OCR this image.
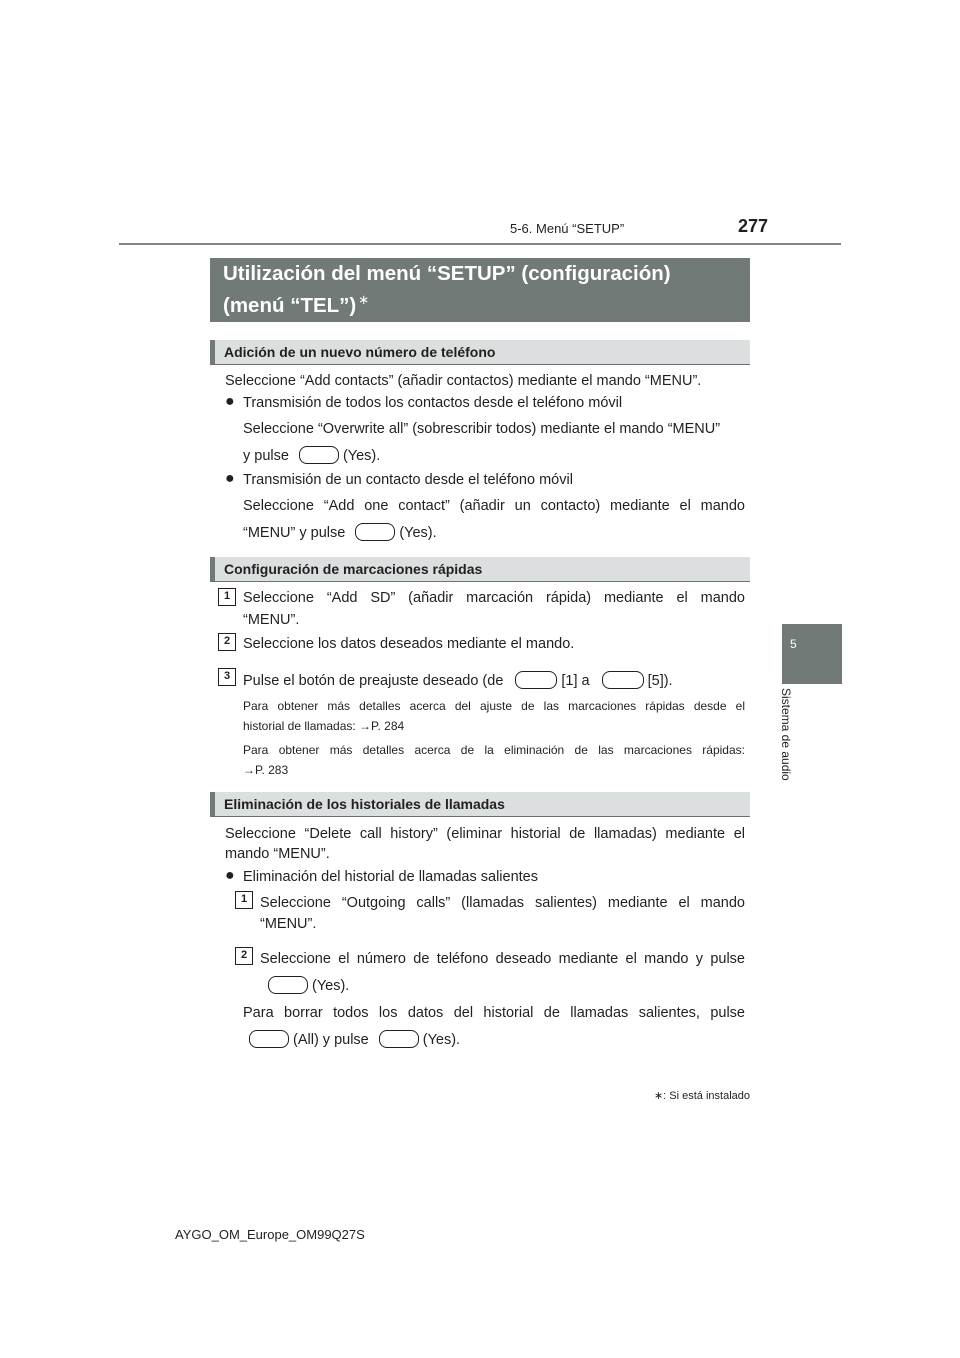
5-6. Menú “SETUP”	277
5
Sistema de audio
Utilización del menú “SETUP” (configuración)
(menú “TEL”) ∗
Adición de un nuevo número de teléfono
Seleccione “Add contacts” (añadir contactos) mediante el mando “MENU”.
● Transmisión de todos los contactos desde el teléfono móvil
Seleccione “Overwrite all” (sobrescribir todos) mediante el mando “MENU”
y pulse	(Yes).
● Transmisión de un contacto desde el teléfono móvil
Seleccione “Add one contact” (añadir un contacto) mediante el mando
“MENU” y pulse	(Yes).
Configuración de marcaciones rápidas
1 Seleccione “Add SD” (añadir marcación rápida) mediante el mando
“MENU”.
2 Seleccione los datos deseados mediante el mando.
3 Pulse el botón de preajuste deseado (de	[1] a	[5]).
Para obtener más detalles acerca del ajuste de las marcaciones rápidas desde el
historial de llamadas: →P. 284
Para obtener más detalles acerca de la eliminación de las marcaciones rápidas:
→P. 283
Eliminación de los historiales de llamadas
Seleccione “Delete call history” (eliminar historial de llamadas) mediante el
mando “MENU”.
● Eliminación del historial de llamadas salientes
1 Seleccione “Outgoing calls” (llamadas salientes) mediante el mando
“MENU”.
2 Seleccione el número de teléfono deseado mediante el mando y pulse
(Yes).
Para borrar todos los datos del historial de llamadas salientes, pulse
(All) y pulse	(Yes).
∗: Si está instalado
AYGO_OM_Europe_OM99Q27S
